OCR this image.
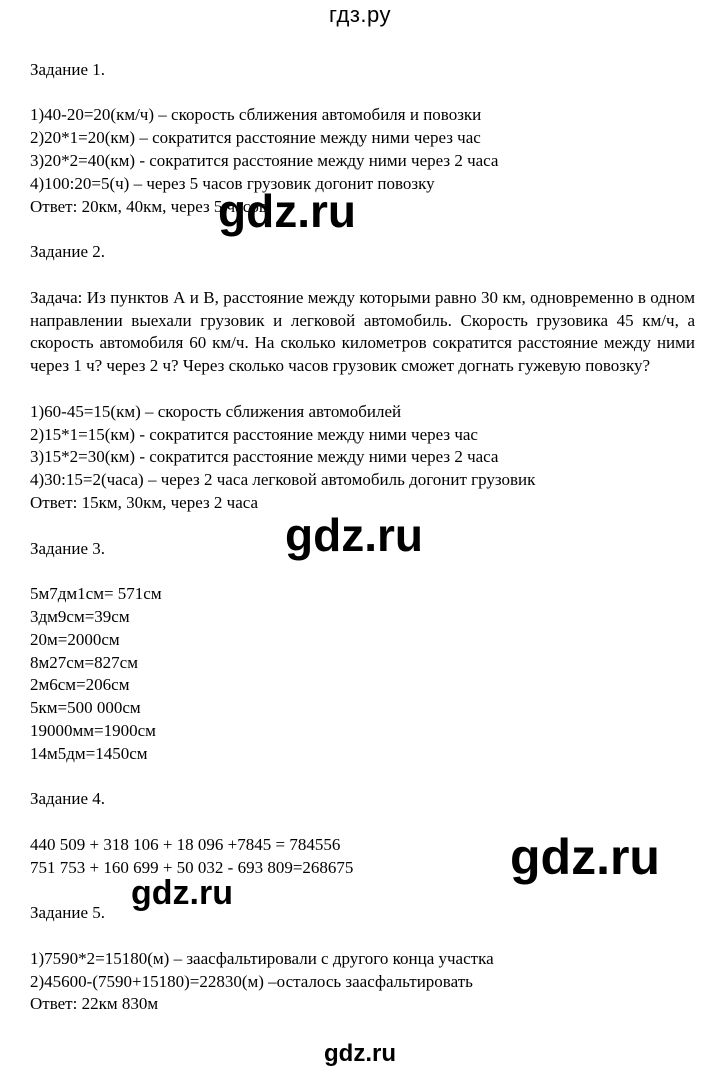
гдз.ру

Задание 1.

1)40-20=20(км/ч) – скорость сближения автомобиля и повозки

2)20*1=20(км) – сократится расстояние между ними через час

3)20*2=40(км) - сократится расстояние между ними через 2 часа

4)100:20=5(ч) – через 5 часов грузовик догонит повозку

Ответ: 20км, 40км, через 5 часов

Задание 2.

Задача: Из пунктов А и В, расстояние между которыми равно 30 км, одновременно в одном направлении выехали грузовик и легковой автомобиль. Скорость грузовика 45 км/ч, а скорость автомобиля 60 км/ч. На сколько километров сократится расстояние между ними через 1 ч? через 2 ч? Через сколько часов грузовик сможет догнать гужевую повозку?

1)60-45=15(км) – скорость сближения автомобилей

2)15*1=15(км) - сократится расстояние между ними через час

3)15*2=30(км) - сократится расстояние между ними через 2 часа

4)30:15=2(часа) – через 2 часа легковой автомобиль догонит грузовик

Ответ: 15км, 30км, через 2 часа

Задание 3.

5м7дм1см= 571см

3дм9см=39см

20м=2000см

8м27см=827см

2м6см=206см

5км=500 000см

19000мм=1900см

14м5дм=1450см

Задание 4.

440 509 + 318 106 + 18 096 +7845 = 784556

751 753 + 160 699 + 50 032 - 693 809=268675

Задание 5.

1)7590*2=15180(м) – заасфальтировали с другого конца участка

2)45600-(7590+15180)=22830(м) –осталось заасфальтировать

Ответ: 22км 830м

gdz.ru
gdz.ru
gdz.ru
gdz.ru
gdz.ru
